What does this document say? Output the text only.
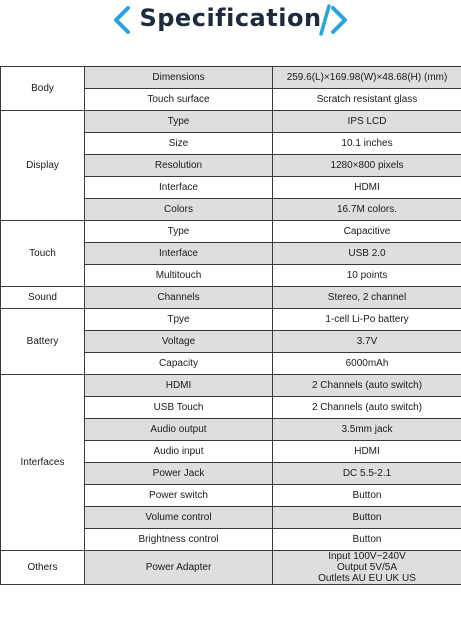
Specification
Body	Dimensions	259.6(L)×169.98(W)×48.68(H) (mm)
	Touch surface	Scratch resistant glass
Display	Type	IPS LCD
	Size	10.1 inches
	Resolution	1280×800 pixels
	Interface	HDMI
	Colors	16.7M colors.
Touch	Type	Capacitive
	Interface	USB 2.0
	Multitouch	10 points
Sound	Channels	Stereo, 2 channel
Battery	Tpye	1-cell Li-Po battery
	Voltage	3.7V
	Capacity	6000mAh
Interfaces	HDMI	2 Channels (auto switch)
	USB Touch	2 Channels (auto switch)
	Audio output	3.5mm jack
	Audio input	HDMI
	Power Jack	DC 5.5-2.1
	Power switch	Button
	Volume control	Button
	Brightness control	Button
Others	Power Adapter	Input 100V~240V
Output 5V/5A
Outlets AU EU UK US
